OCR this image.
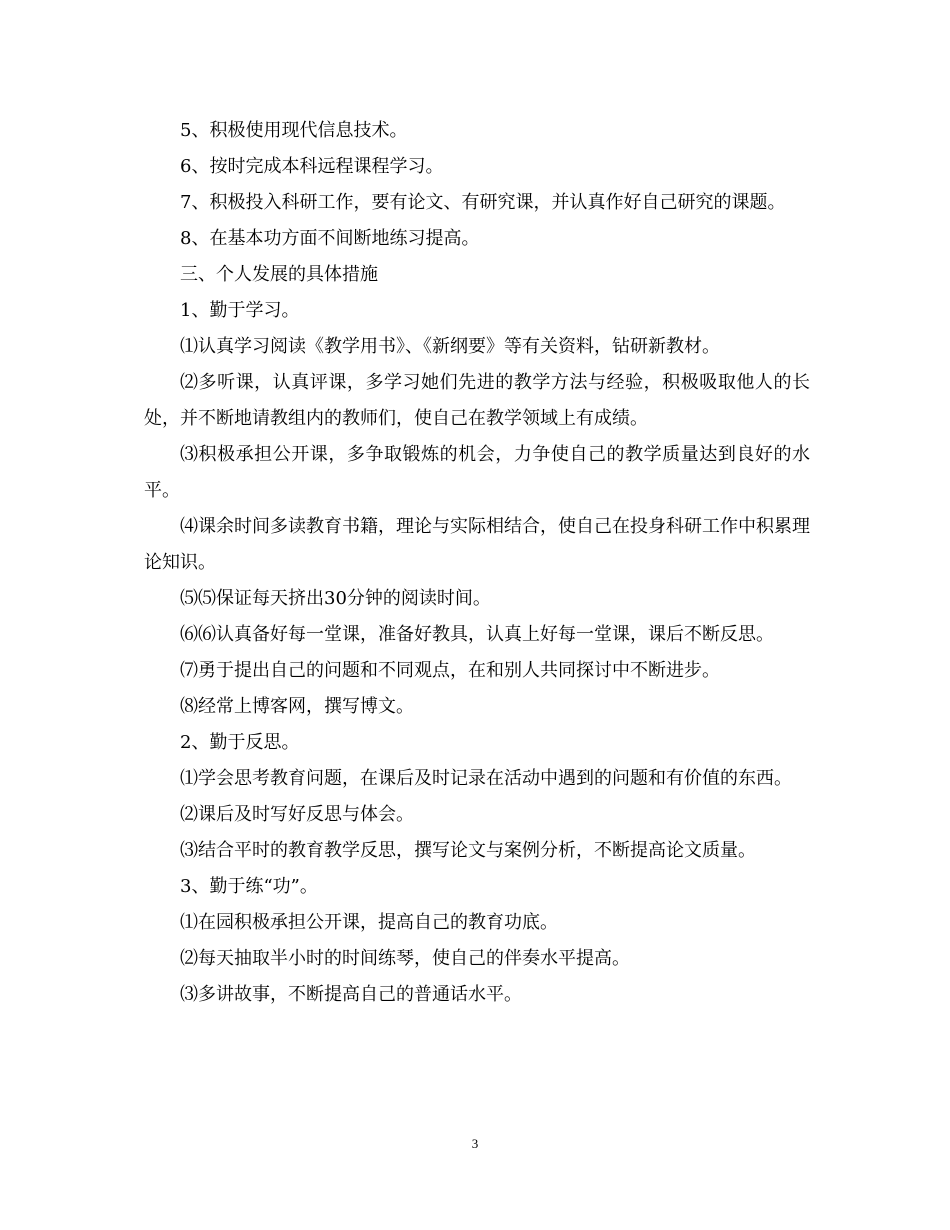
5、积极使用现代信息技术。

6、按时完成本科远程课程学习。

7、积极投入科研工作，要有论文、有研究课，并认真作好自己研究的课题。

8、在基本功方面不间断地练习提高。

三、个人发展的具体措施

1、勤于学习。

⑴认真学习阅读《教学用书》、《新纲要》等有关资料，钻研新教材。

⑵多听课，认真评课，多学习她们先进的教学方法与经验，积极吸取他人的长处，并不断地请教组内的教师们，使自己在教学领域上有成绩。

⑶积极承担公开课，多争取锻炼的机会，力争使自己的教学质量达到良好的水平。

⑷课余时间多读教育书籍，理论与实际相结合，使自己在投身科研工作中积累理论知识。

⑸⑸保证每天挤出30分钟的阅读时间。

⑹⑹认真备好每一堂课，准备好教具，认真上好每一堂课，课后不断反思。

⑺勇于提出自己的问题和不同观点，在和别人共同探讨中不断进步。

⑻经常上博客网，撰写博文。

2、勤于反思。

⑴学会思考教育问题，在课后及时记录在活动中遇到的问题和有价值的东西。

⑵课后及时写好反思与体会。

⑶结合平时的教育教学反思，撰写论文与案例分析，不断提高论文质量。

3、勤于练“功”。

⑴在园积极承担公开课，提高自己的教育功底。

⑵每天抽取半小时的时间练琴，使自己的伴奏水平提高。

⑶多讲故事，不断提高自己的普通话水平。

3
